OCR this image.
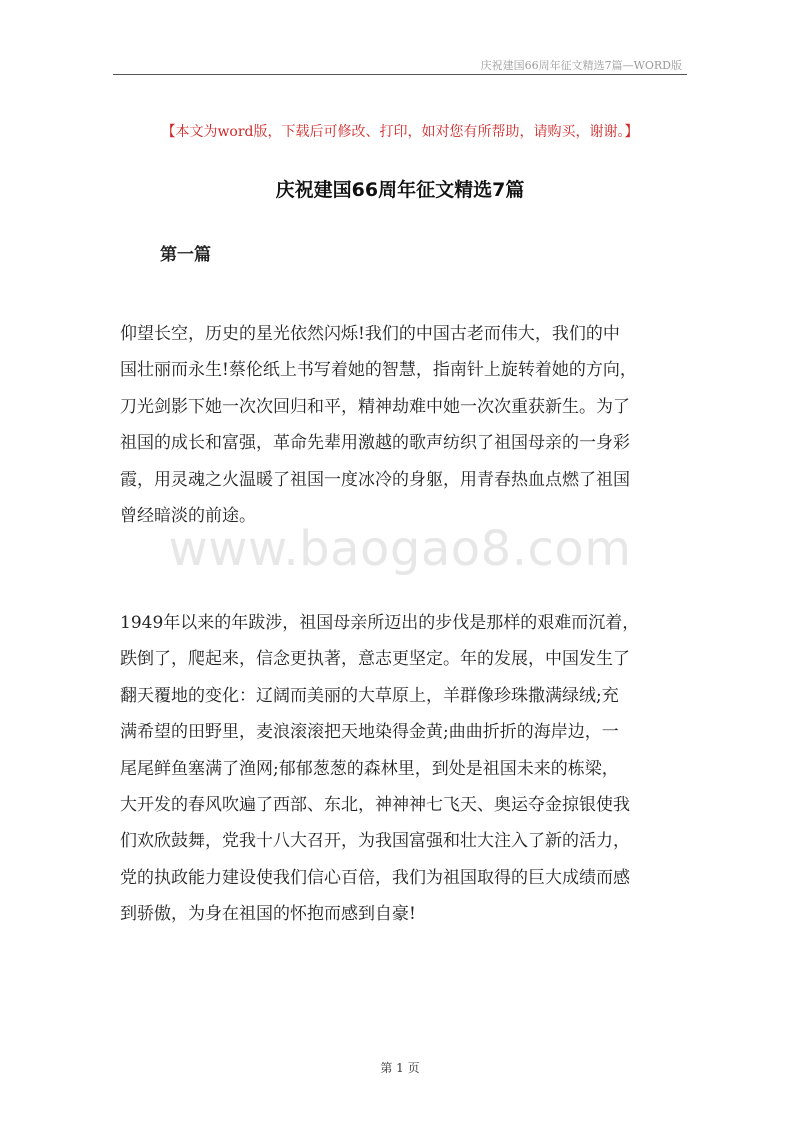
庆祝建国66周年征文精选7篇—WORD版
【本文为word版，下载后可修改、打印，如对您有所帮助，请购买，谢谢。】
庆祝建国66周年征文精选7篇
第一篇

仰望长空，历史的星光依然闪烁!我们的中国古老而伟大，我们的中
国壮丽而永生!蔡伦纸上书写着她的智慧，指南针上旋转着她的方向，
刀光剑影下她一次次回归和平，精神劫难中她一次次重获新生。为了
祖国的成长和富强，革命先辈用激越的歌声纺织了祖国母亲的一身彩
霞，用灵魂之火温暖了祖国一度冰冷的身躯，用青春热血点燃了祖国
曾经暗淡的前途。

www.baogao8.com

1949年以来的年跋涉，祖国母亲所迈出的步伐是那样的艰难而沉着，
跌倒了，爬起来，信念更执著，意志更坚定。年的发展，中国发生了
翻天覆地的变化：辽阔而美丽的大草原上，羊群像珍珠撒满绿绒;充
满希望的田野里，麦浪滚滚把天地染得金黄;曲曲折折的海岸边，一
尾尾鲜鱼塞满了渔网;郁郁葱葱的森林里，到处是祖国未来的栋梁，
大开发的春风吹遍了西部、东北，神神神七飞天、奥运夺金掠银使我
们欢欣鼓舞，党我十八大召开，为我国富强和壮大注入了新的活力，
党的执政能力建设使我们信心百倍，我们为祖国取得的巨大成绩而感
到骄傲，为身在祖国的怀抱而感到自豪!

第 1 页
